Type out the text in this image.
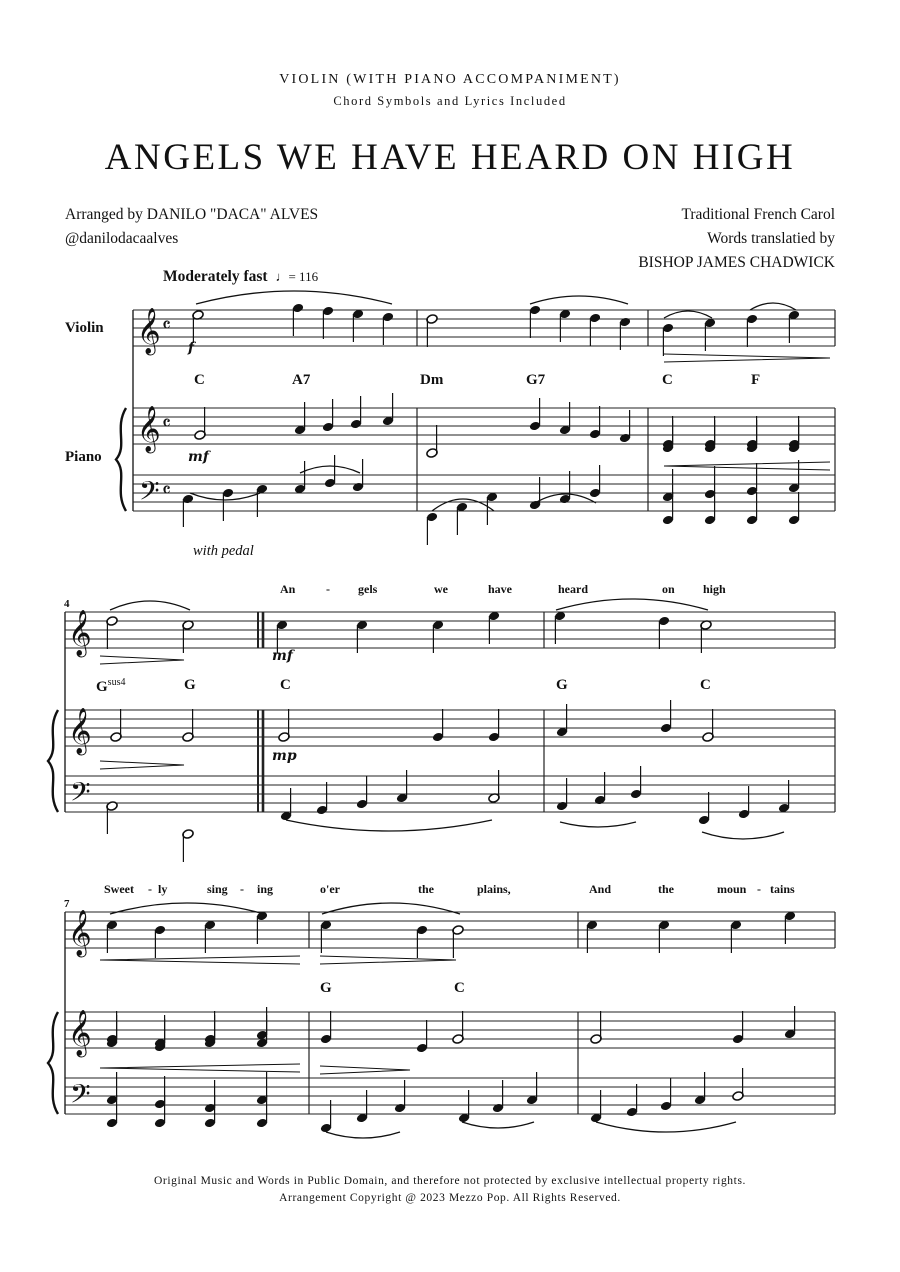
VIOLIN (WITH PIANO ACCOMPANIMENT)
Chord Symbols and Lyrics Included
ANGELS WE HAVE HEARD ON HIGH
Arranged by DANILO "DACA" ALVES
@danilodacaalves
Traditional French Carol
Words translatied by
BISHOP JAMES CHADWICK
Moderately fast ♩= 116
Violin
Piano
𝄞
𝄞
𝄢
𝄴
𝄴
𝄴
𝄞
𝄞
𝄢
𝄞
𝄞
𝄢
f
mf
C	A7	Dm	G7	C	F
with pedal
4
An	- gels	we	have	heard	on high
mf
mp
$G^{sus4}$	G	C	G	C
7
Sweet - ly	sing - ing	o'er	the	plains,	And	the	moun - tains
G	C
Original Music and Words in Public Domain, and therefore not protected by exclusive intellectual property rights.
Arrangement Copyright @ 2023 Mezzo Pop. All Rights Reserved.
